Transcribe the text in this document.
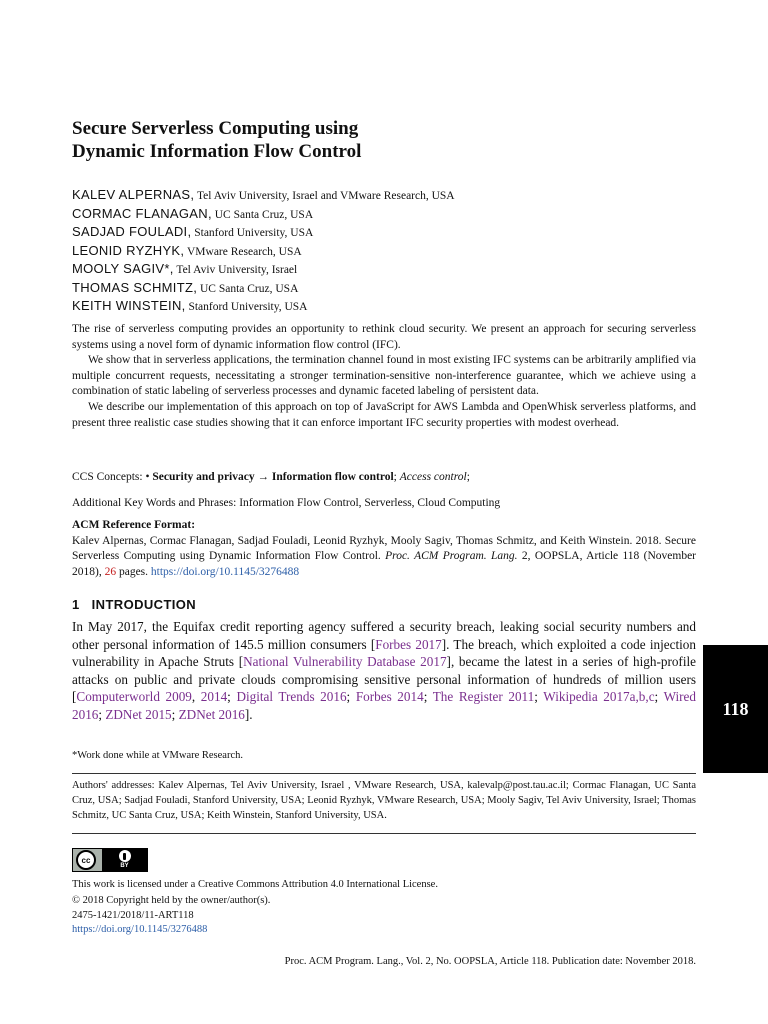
Secure Serverless Computing using
Dynamic Information Flow Control
KALEV ALPERNAS, Tel Aviv University, Israel and VMware Research, USA
CORMAC FLANAGAN, UC Santa Cruz, USA
SADJAD FOULADI, Stanford University, USA
LEONID RYZHYK, VMware Research, USA
MOOLY SAGIV*, Tel Aviv University, Israel
THOMAS SCHMITZ, UC Santa Cruz, USA
KEITH WINSTEIN, Stanford University, USA

The rise of serverless computing provides an opportunity to rethink cloud security. We present an approach for securing serverless systems using a novel form of dynamic information flow control (IFC).

We show that in serverless applications, the termination channel found in most existing IFC systems can be arbitrarily amplified via multiple concurrent requests, necessitating a stronger termination-sensitive non-interference guarantee, which we achieve using a combination of static labeling of serverless processes and dynamic faceted labeling of persistent data.

We describe our implementation of this approach on top of JavaScript for AWS Lambda and OpenWhisk serverless platforms, and present three realistic case studies showing that it can enforce important IFC security properties with modest overhead.

CCS Concepts: • Security and privacy → Information flow control; Access control;
Additional Key Words and Phrases: Information Flow Control, Serverless, Cloud Computing
ACM Reference Format:

Kalev Alpernas, Cormac Flanagan, Sadjad Fouladi, Leonid Ryzhyk, Mooly Sagiv, Thomas Schmitz, and Keith Winstein. 2018. Secure Serverless Computing using Dynamic Information Flow Control. Proc. ACM Program. Lang. 2, OOPSLA, Article 118 (November 2018), 26 pages. https://doi.org/10.1145/3276488

1 INTRODUCTION

In May 2017, the Equifax credit reporting agency suffered a security breach, leaking social security numbers and other personal information of 145.5 million consumers [Forbes 2017]. The breach, which exploited a code injection vulnerability in Apache Struts [National Vulnerability Database 2017], became the latest in a series of high-profile attacks on public and private clouds compromising sensitive personal information of hundreds of million users [Computerworld 2009, 2014; Digital Trends 2016; Forbes 2014; The Register 2011; Wikipedia 2017a,b,c; Wired 2016; ZDNet 2015; ZDNet 2016].

*Work done while at VMware Research.

Authors' addresses: Kalev Alpernas, Tel Aviv University, Israel , VMware Research, USA, kalevalp@post.tau.ac.il; Cormac Flanagan, UC Santa Cruz, USA; Sadjad Fouladi, Stanford University, USA; Leonid Ryzhyk, VMware Research, USA; Mooly Sagiv, Tel Aviv University, Israel; Thomas Schmitz, UC Santa Cruz, USA; Keith Winstein, Stanford University, USA.

cc
BY
This work is licensed under a Creative Commons Attribution 4.0 International License.
© 2018 Copyright held by the owner/author(s).
2475-1421/2018/11-ART118
https://doi.org/10.1145/3276488
Proc. ACM Program. Lang., Vol. 2, No. OOPSLA, Article 118. Publication date: November 2018.
118
